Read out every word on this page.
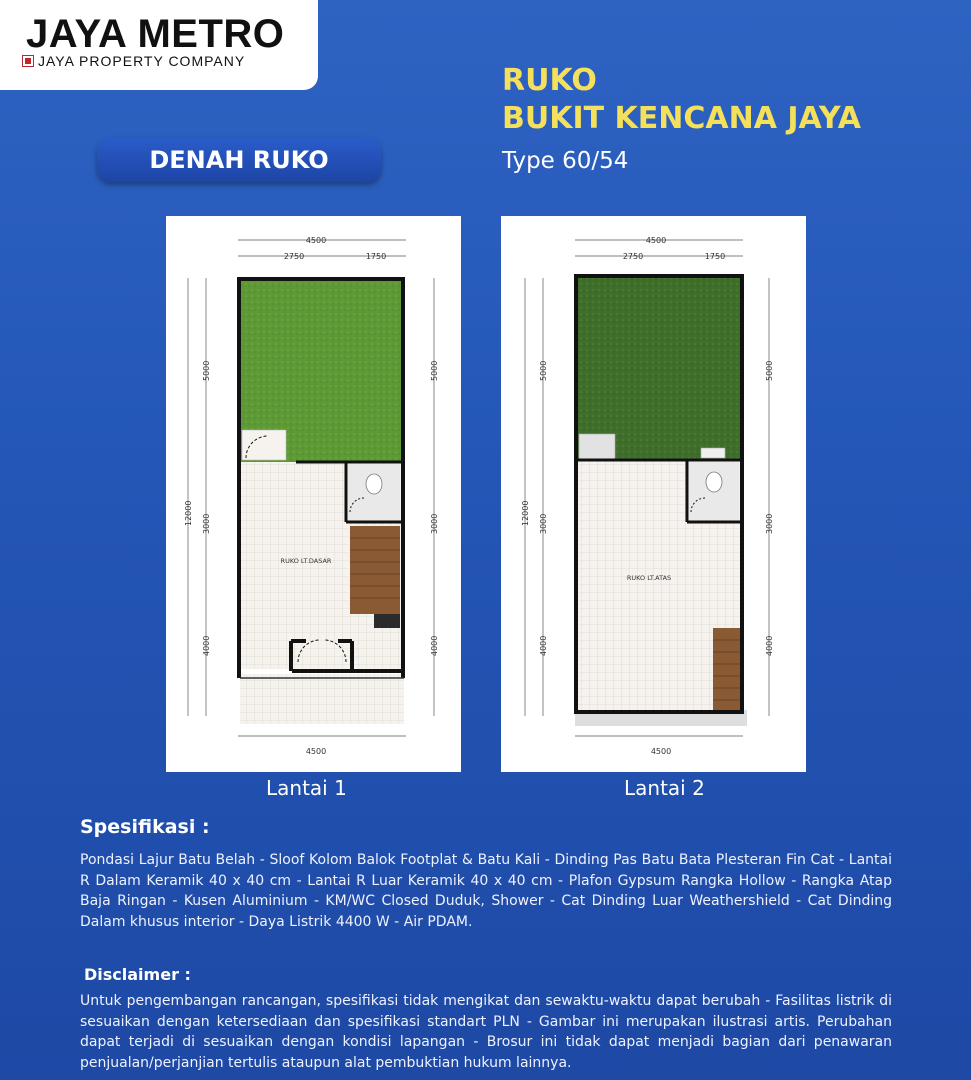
JAYA METRO
JAYA PROPERTY COMPANY
RUKO
BUKIT KENCANA JAYA
Type 60/54
DENAH RUKO
4500
2750	1750
4500
12000
5000
3000
4000
5000
3000
4000
RUKO LT.DASAR
4500
2750	1750
4500
12000
5000
3000
4000
5000
3000
4000
RUKO LT.ATAS
Lantai 1	Lantai 2
Spesifikasi :
Pondasi Lajur Batu Belah - Sloof Kolom Balok Footplat & Batu Kali - Dinding Pas Batu Bata Plesteran Fin Cat - Lantai R Dalam Keramik 40 x 40 cm - Lantai R Luar Keramik 40 x 40 cm - Plafon Gypsum Rangka Hollow - Rangka Atap Baja Ringan - Kusen Aluminium - KM/WC Closed Duduk, Shower - Cat Dinding Luar Weathershield - Cat Dinding Dalam khusus interior - Daya Listrik 4400 W - Air PDAM.
Disclaimer :
Untuk pengembangan rancangan, spesifikasi tidak mengikat dan sewaktu-waktu dapat berubah - Fasilitas listrik di sesuaikan dengan ketersediaan dan spesifikasi standart PLN - Gambar ini merupakan ilustrasi artis. Perubahan dapat terjadi di sesuaikan dengan kondisi lapangan - Brosur ini tidak dapat menjadi bagian dari penawaran penjualan/perjanjian tertulis ataupun alat pembuktian hukum lainnya.
